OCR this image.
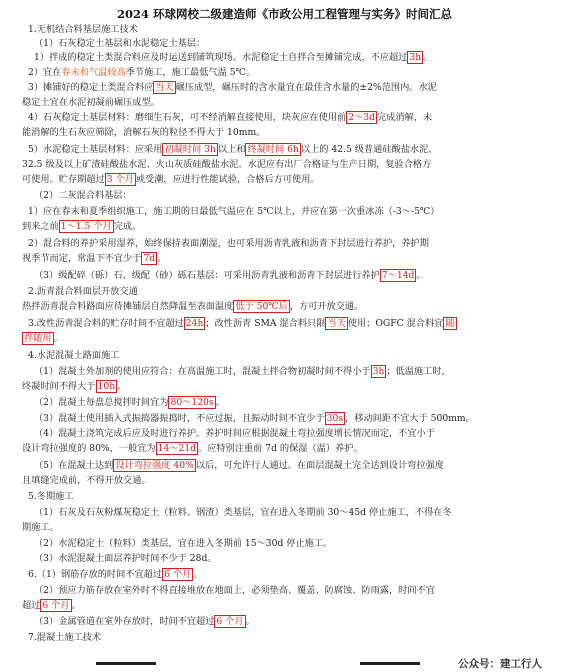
2024 环球网校二级建造师《市政公用工程管理与实务》时间汇总
1.无机结合料基层施工技术
（1）石灰稳定土基层和水泥稳定土基层：
1）拌成的稳定土类混合料应及时运送到铺筑现场。水泥稳定土自拌合至摊铺完成，不应超过 3h 。
2）宜在春末和气温较高季节施工，施工最低气温 5℃。
3）摊铺好的稳定土类混合料应 当天 碾压成型，碾压时的含水量宜在最佳含水量的±2%范围内。水泥
稳定土宜在水泥初凝前碾压成型。
4）石灰稳定土基层材料：磨细生石灰，可不经消解直接使用，块灰应在使用前 2～3d 完成消解，未
能消解的生石灰应筛除，消解石灰的粒径不得大于 10mm。
5）水泥稳定土基层材料：应采用 初凝时间 3h 以上和 终凝时间 6h 以上的 42.5 级普通硅酸盐水泥、
32.5 级及以上矿渣硅酸盐水泥、火山灰质硅酸盐水泥。水泥应有出厂合格证与生产日期，复验合格方
可使用。贮存期超过 3 个月 或受潮，应进行性能试验，合格后方可使用。
（2）二灰混合料基层：
1）应在春末和夏季组织施工，施工期的日最低气温应在 5℃以上，并应在第一次重冰冻（-3～-5℃）
到来之前 1～1.5 个月 完成。
2）混合料的养护采用湿养，始终保持表面潮湿，也可采用沥青乳液和沥青下封层进行养护，养护期
视季节而定，常温下不宜少于 7d 。
（3）级配碎（砾）石、级配（砂）砾石基层：可采用沥青乳液和沥青下封层进行养护 7～14d 。
2.沥青混合料面层开放交通
热拌沥青混合料路面应待摊铺层自然降温至表面温度 低于 50℃后 ，方可开放交通。
3.改性沥青混合料的贮存时间不宜超过 24h ；改性沥青 SMA 混合料只限 当天 使用；OGFC 混合料宜 随
拌随用 。
4.水泥混凝土路面施工
（1）混凝土外加剂的使用应符合：在高温施工时，混凝土拌合物初凝时间不得小于 3h ；低温施工时，
终凝时间不得大于 10h 。
（2）混凝土每盘总搅拌时间宜为 80～120s 。
（3）混凝土使用插入式振捣器振捣时，不应过振，且振动时间不宜少于 30s ，移动间距不宜大于 500mm。
（4）混凝土浇筑完成后应及时进行养护。养护时间应根据混凝土弯拉强度增长情况而定，不宜小于
设计弯拉强度的 80%，一般宜为 14～21d 。应特别注重前 7d 的保湿（温）养护。
（5）在混凝土达到 设计弯拉强度 40% 以后，可允许行人通过。在面层混凝土完全达到设计弯拉强度
且填缝完成前，不得开放交通。
5.冬期施工
（1）石灰及石灰粉煤灰稳定土（粒料、钢渣）类基层，宜在进入冬期前 30～45d 停止施工，不得在冬
期施工。
（2）水泥稳定土（粒料）类基层，宜在进入冬期前 15～30d 停止施工。
（3）水泥混凝土面层养护时间不少于 28d。
6.（1）钢筋存放的时间不宜超过 6 个月 。
（2）预应力筋存放在室外时不得直接堆放在地面上，必须垫高、覆盖、防腐蚀、防雨露，时间不宜
超过 6 个月 。
（3）金属管道在室外存放时，时间不宜超过 6 个月 。
7.混凝土施工技术
公众号：建工行人
